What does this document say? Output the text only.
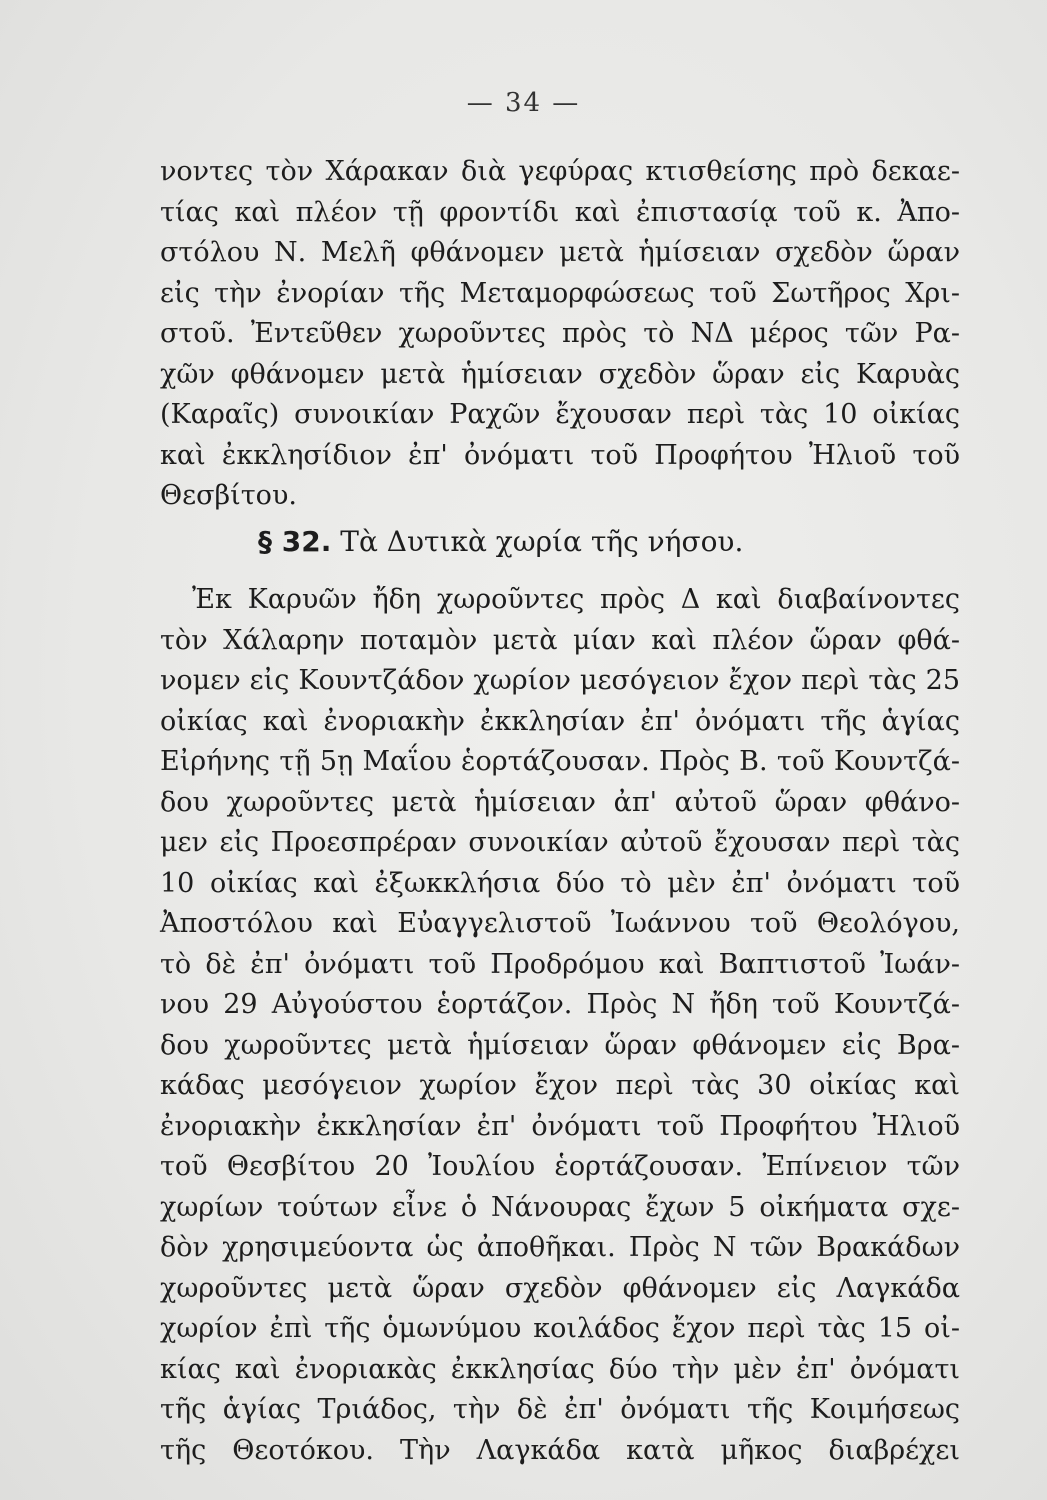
— 34 —
νοντες τὸν Χάρακαν διὰ γεφύρας κτισθείσης πρὸ δεκαε-
τίας καὶ πλέον τῇ φροντίδι καὶ ἐπιστασίᾳ τοῦ κ. Ἀπο-
στόλου Ν. Μελῆ φθάνομεν μετὰ ἡμίσειαν σχεδὸν ὥραν
εἰς τὴν ἐνορίαν τῆς Μεταμορφώσεως τοῦ Σωτῆρος Χρι-
στοῦ. Ἐντεῦθεν χωροῦντες πρὸς τὸ ΝΔ μέρος τῶν Ρα-
χῶν φθάνομεν μετὰ ἡμίσειαν σχεδὸν ὥραν εἰς Καρυὰς
(Καραῖς) συνοικίαν Ραχῶν ἔχουσαν περὶ τὰς 10 οἰκίας
καὶ ἐκκλησίδιον ἐπ' ὀνόματι τοῦ Προφήτου Ἠλιοῦ τοῦ
Θεσβίτου.
§ 32. Τὰ Δυτικὰ χωρία τῆς νήσου.
Ἐκ Καρυῶν ἤδη χωροῦντες πρὸς Δ καὶ διαβαίνοντες
τὸν Χάλαρην ποταμὸν μετὰ μίαν καὶ πλέον ὥραν φθά-
νομεν εἰς Κουντζάδον χωρίον μεσόγειον ἔχον περὶ τὰς 25
οἰκίας καὶ ἐνοριακὴν ἐκκλησίαν ἐπ' ὀνόματι τῆς ἁγίας
Εἰρήνης τῇ 5ῃ Μαΐου ἑορτάζουσαν. Πρὸς Β. τοῦ Κουντζά-
δου χωροῦντες μετὰ ἡμίσειαν ἀπ' αὐτοῦ ὥραν φθάνο-
μεν εἰς Προεσπρέραν συνοικίαν αὐτοῦ ἔχουσαν περὶ τὰς
10 οἰκίας καὶ ἐξωκκλήσια δύο τὸ μὲν ἐπ' ὀνόματι τοῦ
Ἀποστόλου καὶ Εὐαγγελιστοῦ Ἰωάννου τοῦ Θεολόγου,
τὸ δὲ ἐπ' ὀνόματι τοῦ Προδρόμου καὶ Βαπτιστοῦ Ἰωάν-
νου 29 Αὐγούστου ἑορτάζον. Πρὸς Ν ἤδη τοῦ Κουντζά-
δου χωροῦντες μετὰ ἡμίσειαν ὥραν φθάνομεν εἰς Βρα-
κάδας μεσόγειον χωρίον ἔχον περὶ τὰς 30 οἰκίας καὶ
ἐνοριακὴν ἐκκλησίαν ἐπ' ὀνόματι τοῦ Προφήτου Ἠλιοῦ
τοῦ Θεσβίτου 20 Ἰουλίου ἑορτάζουσαν. Ἐπίνειον τῶν
χωρίων τούτων εἶνε ὁ Νάνουρας ἔχων 5 οἰκήματα σχε-
δὸν χρησιμεύοντα ὡς ἀποθῆκαι. Πρὸς Ν τῶν Βρακάδων
χωροῦντες μετὰ ὥραν σχεδὸν φθάνομεν εἰς Λαγκάδα
χωρίον ἐπὶ τῆς ὁμωνύμου κοιλάδος ἔχον περὶ τὰς 15 οἰ-
κίας καὶ ἐνοριακὰς ἐκκλησίας δύο τὴν μὲν ἐπ' ὀνόματι
τῆς ἁγίας Τριάδος, τὴν δὲ ἐπ' ὀνόματι τῆς Κοιμήσεως
τῆς Θεοτόκου. Τὴν Λαγκάδα κατὰ μῆκος διαβρέχει
